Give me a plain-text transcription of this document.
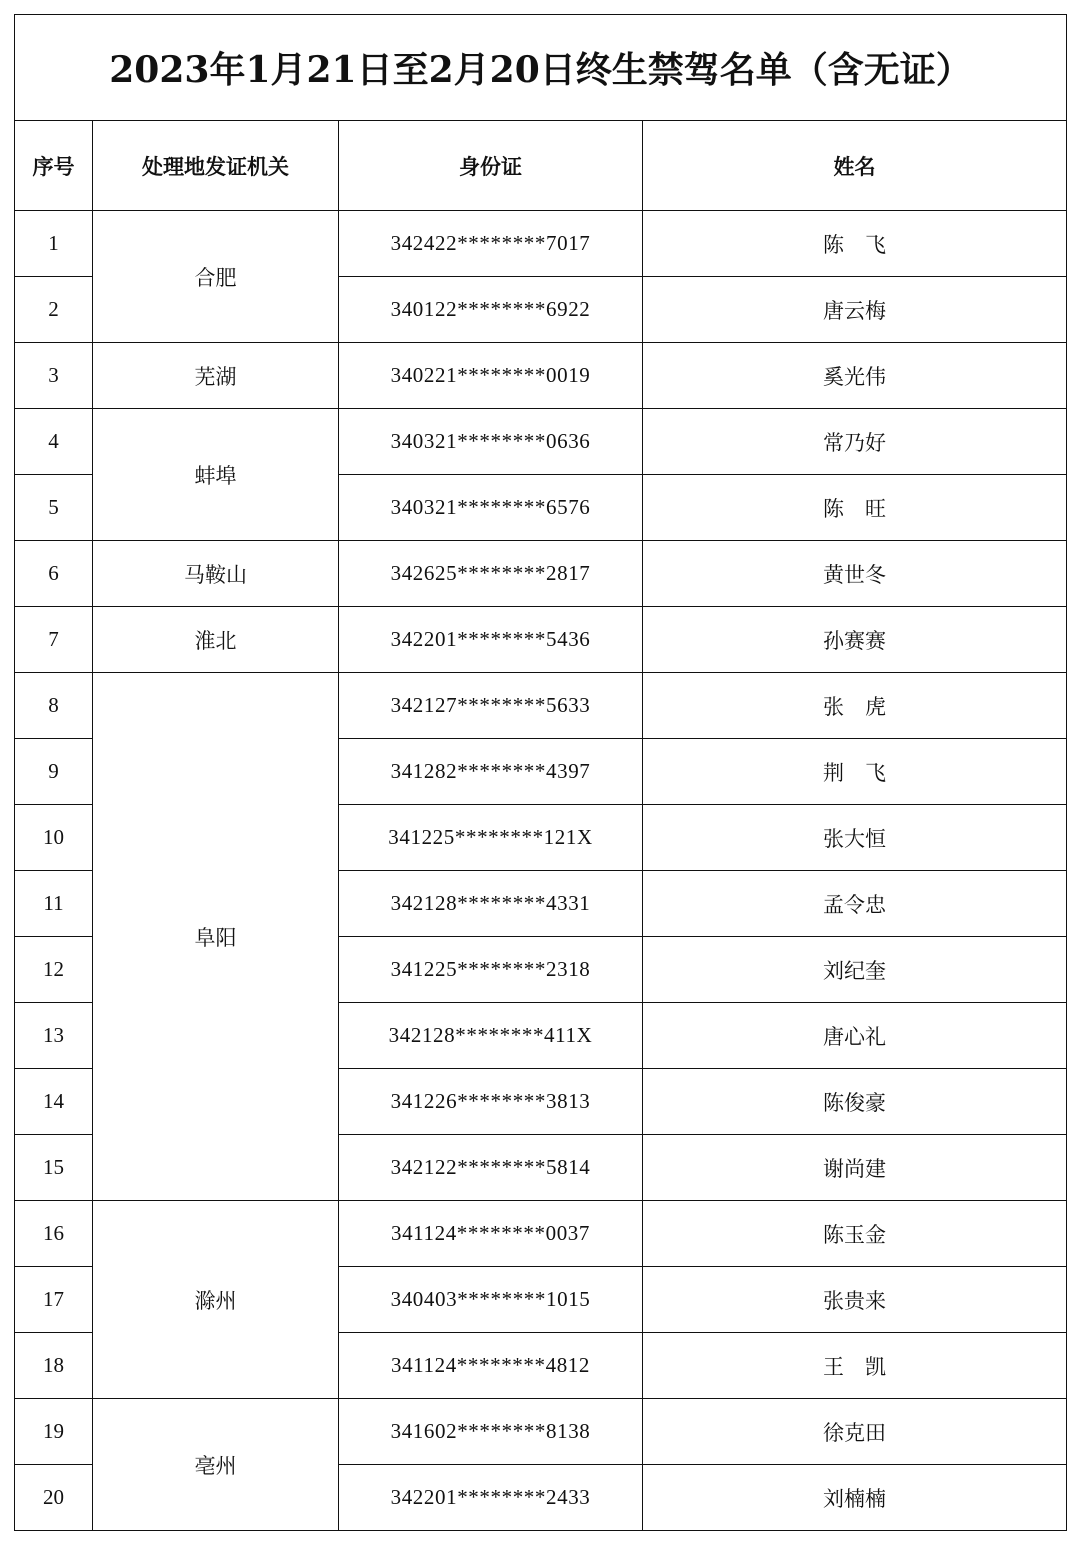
2023年1月21日至2月20日终生禁驾名单（含无证）			
序号	处理地发证机关	身份证	姓名
1	合肥	342422********7017	陈　飞
2		340122********6922	唐云梅
3	芜湖	340221********0019	奚光伟
4	蚌埠	340321********0636	常乃好
5		340321********6576	陈　旺
6	马鞍山	342625********2817	黄世冬
7	淮北	342201********5436	孙赛赛
8	阜阳	342127********5633	张　虎
9		341282********4397	荆　飞
10		341225********121X	张大恒
11		342128********4331	孟令忠
12		341225********2318	刘纪奎
13		342128********411X	唐心礼
14		341226********3813	陈俊豪
15		342122********5814	谢尚建
16	滁州	341124********0037	陈玉金
17		340403********1015	张贵来
18		341124********4812	王　凯
19	亳州	341602********8138	徐克田
20		342201********2433	刘楠楠
